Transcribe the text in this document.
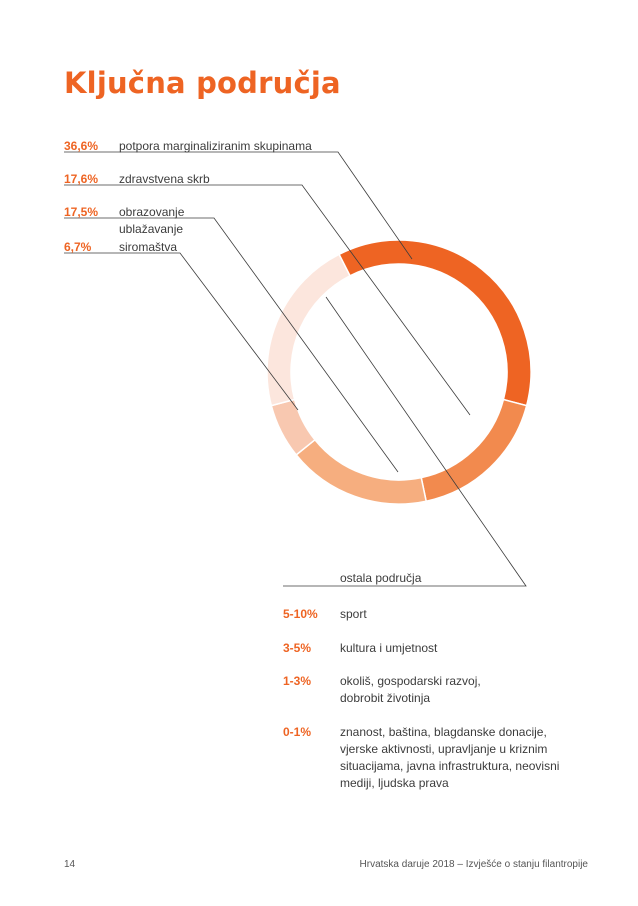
Ključna područja
36,6% potpora marginaliziranim skupinama
17,6% zdravstvena skrb
17,5% obrazovanje
ublažavanje
6,7% siromaštva
ostala područja
5-10% sport
3-5% kultura i umjetnost
1-3% okoliš, gospodarski razvoj, dobrobit životinja
0-1% znanost, baština, blagdanske donacije, vjerske aktivnosti, upravljanje u kriznim situacijama, javna infrastruktura, neovisni mediji, ljudska prava
14	Hrvatska daruje 2018 – Izvješće o stanju filantropije
